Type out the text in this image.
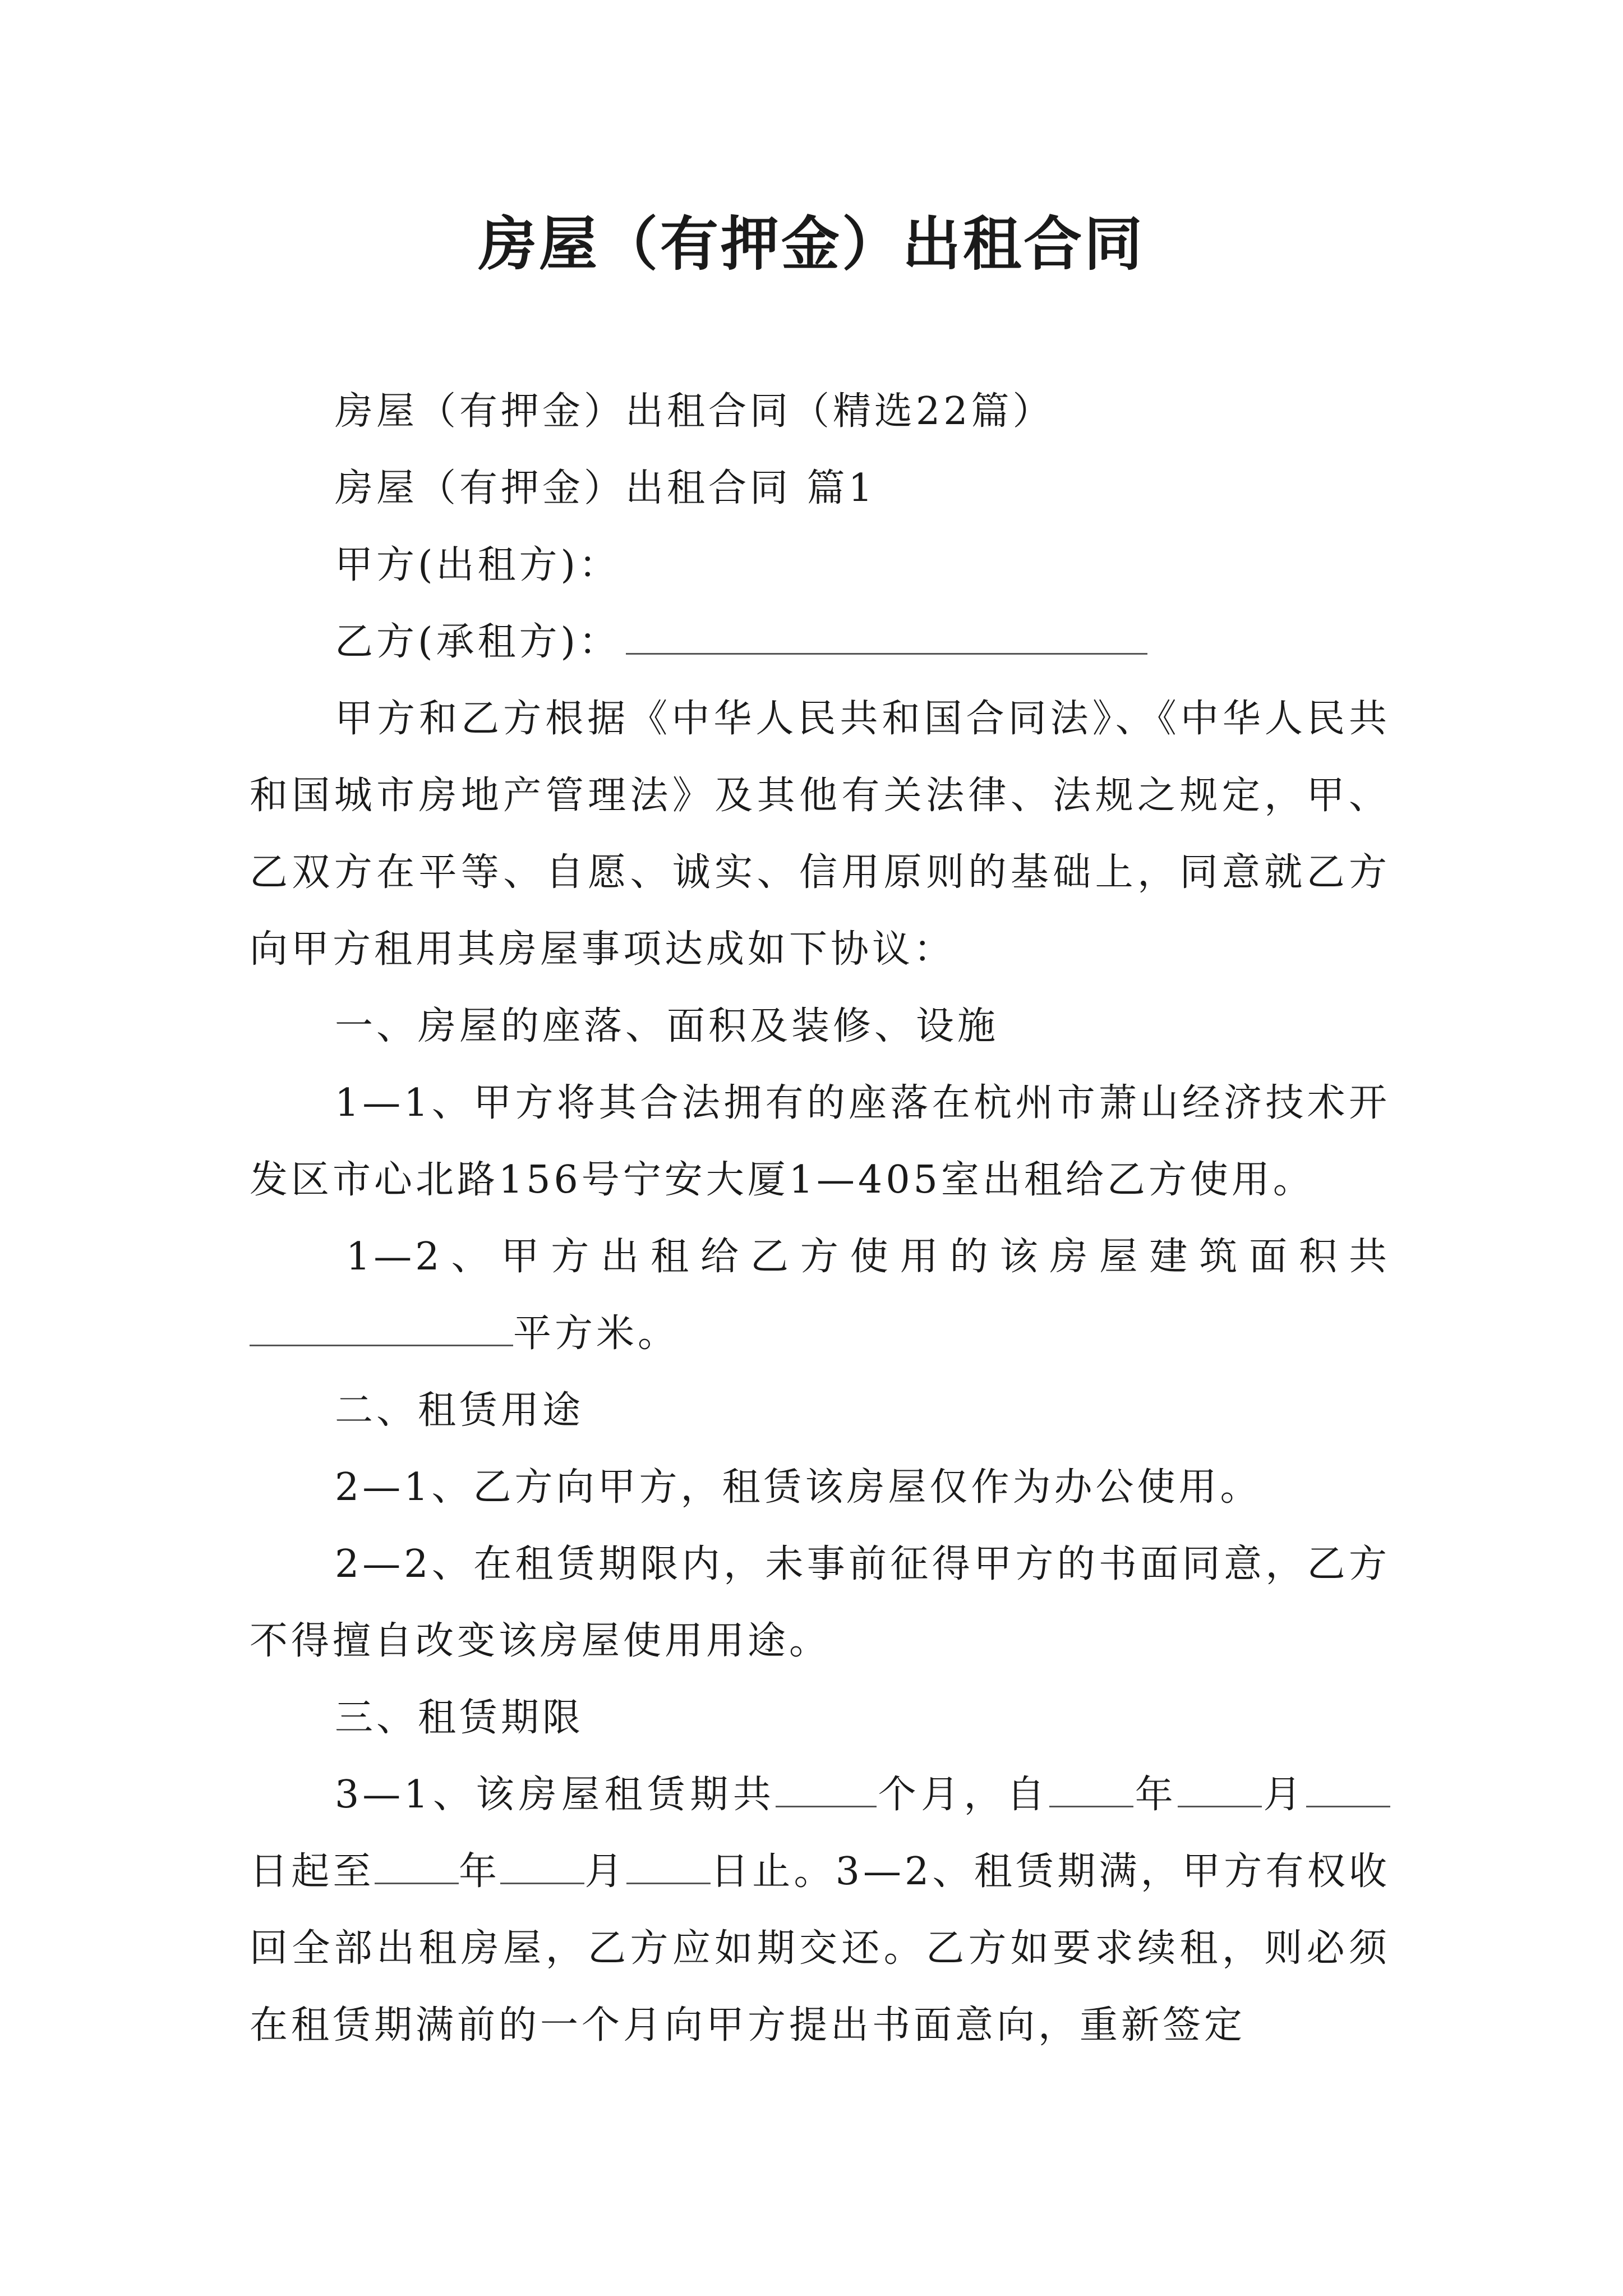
房屋（有押金）出租合同

房屋（有押金）出租合同（精选22篇）

房屋（有押金）出租合同 篇1

甲方(出租方)：

乙方(承租方)：

甲方和乙方根据《中华人民共和国合同法》、《中华人民共和国城市房地产管理法》及其他有关法律、法规之规定，甲、乙双方在平等、自愿、诚实、信用原则的基础上，同意就乙方向甲方租用其房屋事项达成如下协议：

一、房屋的座落、面积及装修、设施

1—1、甲方将其合法拥有的座落在杭州市萧山经济技术开发区市心北路156号宁安大厦1—405室出租给乙方使用。

1—2、甲方出租给乙方使用的该房屋建筑面积共平方米。

二、租赁用途

2—1、乙方向甲方，租赁该房屋仅作为办公使用。

2—2、在租赁期限内，未事前征得甲方的书面同意，乙方不得擅自改变该房屋使用用途。

三、租赁期限

3—1、该房屋租赁期共	个月，自 年 月日起至 年 月 日止。3—2、租赁期满，甲方有权收回全部出租房屋，乙方应如期交还。乙方如要求续租，则必须在租赁期满前的一个月向甲方提出书面意向，重新签定
